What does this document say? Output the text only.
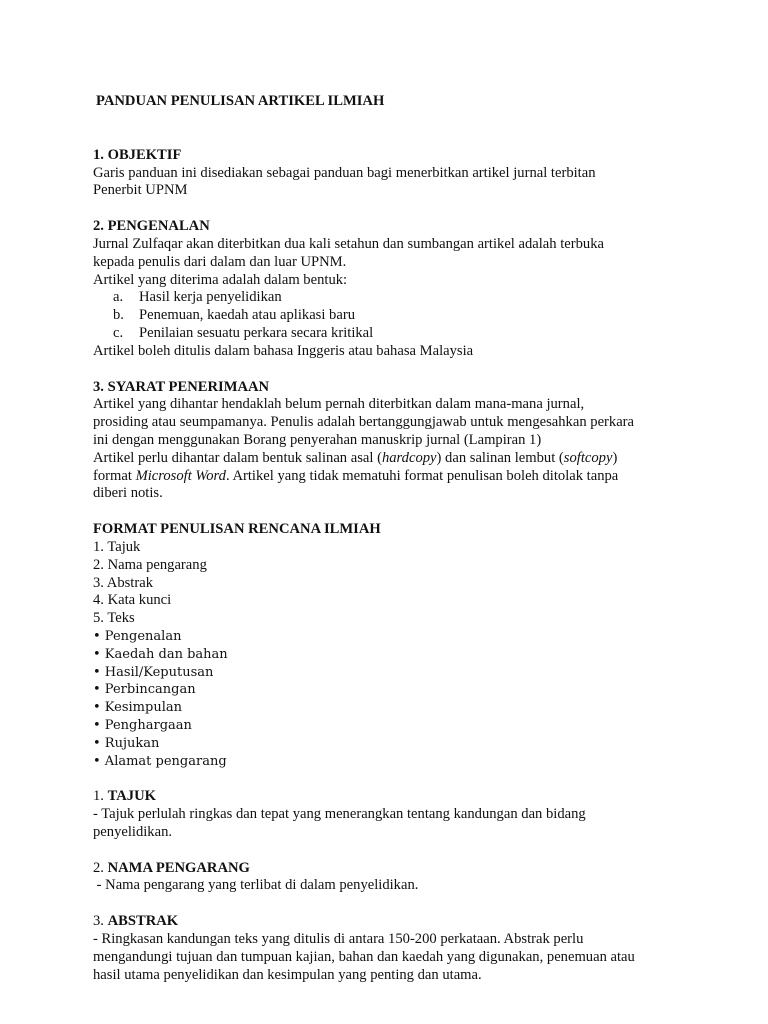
PANDUAN PENULISAN ARTIKEL ILMIAH

1. OBJEKTIF

Garis panduan ini disediakan sebagai panduan bagi menerbitkan artikel jurnal terbitan

Penerbit UPNM

2. PENGENALAN

Jurnal Zulfaqar akan diterbitkan dua kali setahun dan sumbangan artikel adalah terbuka

kepada penulis dari dalam dan luar UPNM.

Artikel yang diterima adalah dalam bentuk:

a.	Hasil kerja penyelidikan
b.	Penemuan, kaedah atau aplikasi baru
c.	Penilaian sesuatu perkara secara kritikal

Artikel boleh ditulis dalam bahasa Inggeris atau bahasa Malaysia

3. SYARAT PENERIMAAN

Artikel yang dihantar hendaklah belum pernah diterbitkan dalam mana-mana jurnal,

prosiding atau seumpamanya. Penulis adalah bertanggungjawab untuk mengesahkan perkara

ini dengan menggunakan Borang penyerahan manuskrip jurnal (Lampiran 1)

Artikel perlu dihantar dalam bentuk salinan asal (hardcopy) dan salinan lembut (softcopy)

format Microsoft Word. Artikel yang tidak mematuhi format penulisan boleh ditolak tanpa

diberi notis.

FORMAT PENULISAN RENCANA ILMIAH

1. Tajuk
2. Nama pengarang
3. Abstrak
4. Kata kunci
5. Teks
• Pengenalan
• Kaedah dan bahan
• Hasil/Keputusan
• Perbincangan
• Kesimpulan
• Penghargaan
• Rujukan
• Alamat pengarang

1. TAJUK

- Tajuk perlulah ringkas dan tepat yang menerangkan tentang kandungan dan bidang

penyelidikan.

2. NAMA PENGARANG

- Nama pengarang yang terlibat di dalam penyelidikan.

3. ABSTRAK

- Ringkasan kandungan teks yang ditulis di antara 150-200 perkataan. Abstrak perlu

mengandungi tujuan dan tumpuan kajian, bahan dan kaedah yang digunakan, penemuan atau

hasil utama penyelidikan dan kesimpulan yang penting dan utama.
